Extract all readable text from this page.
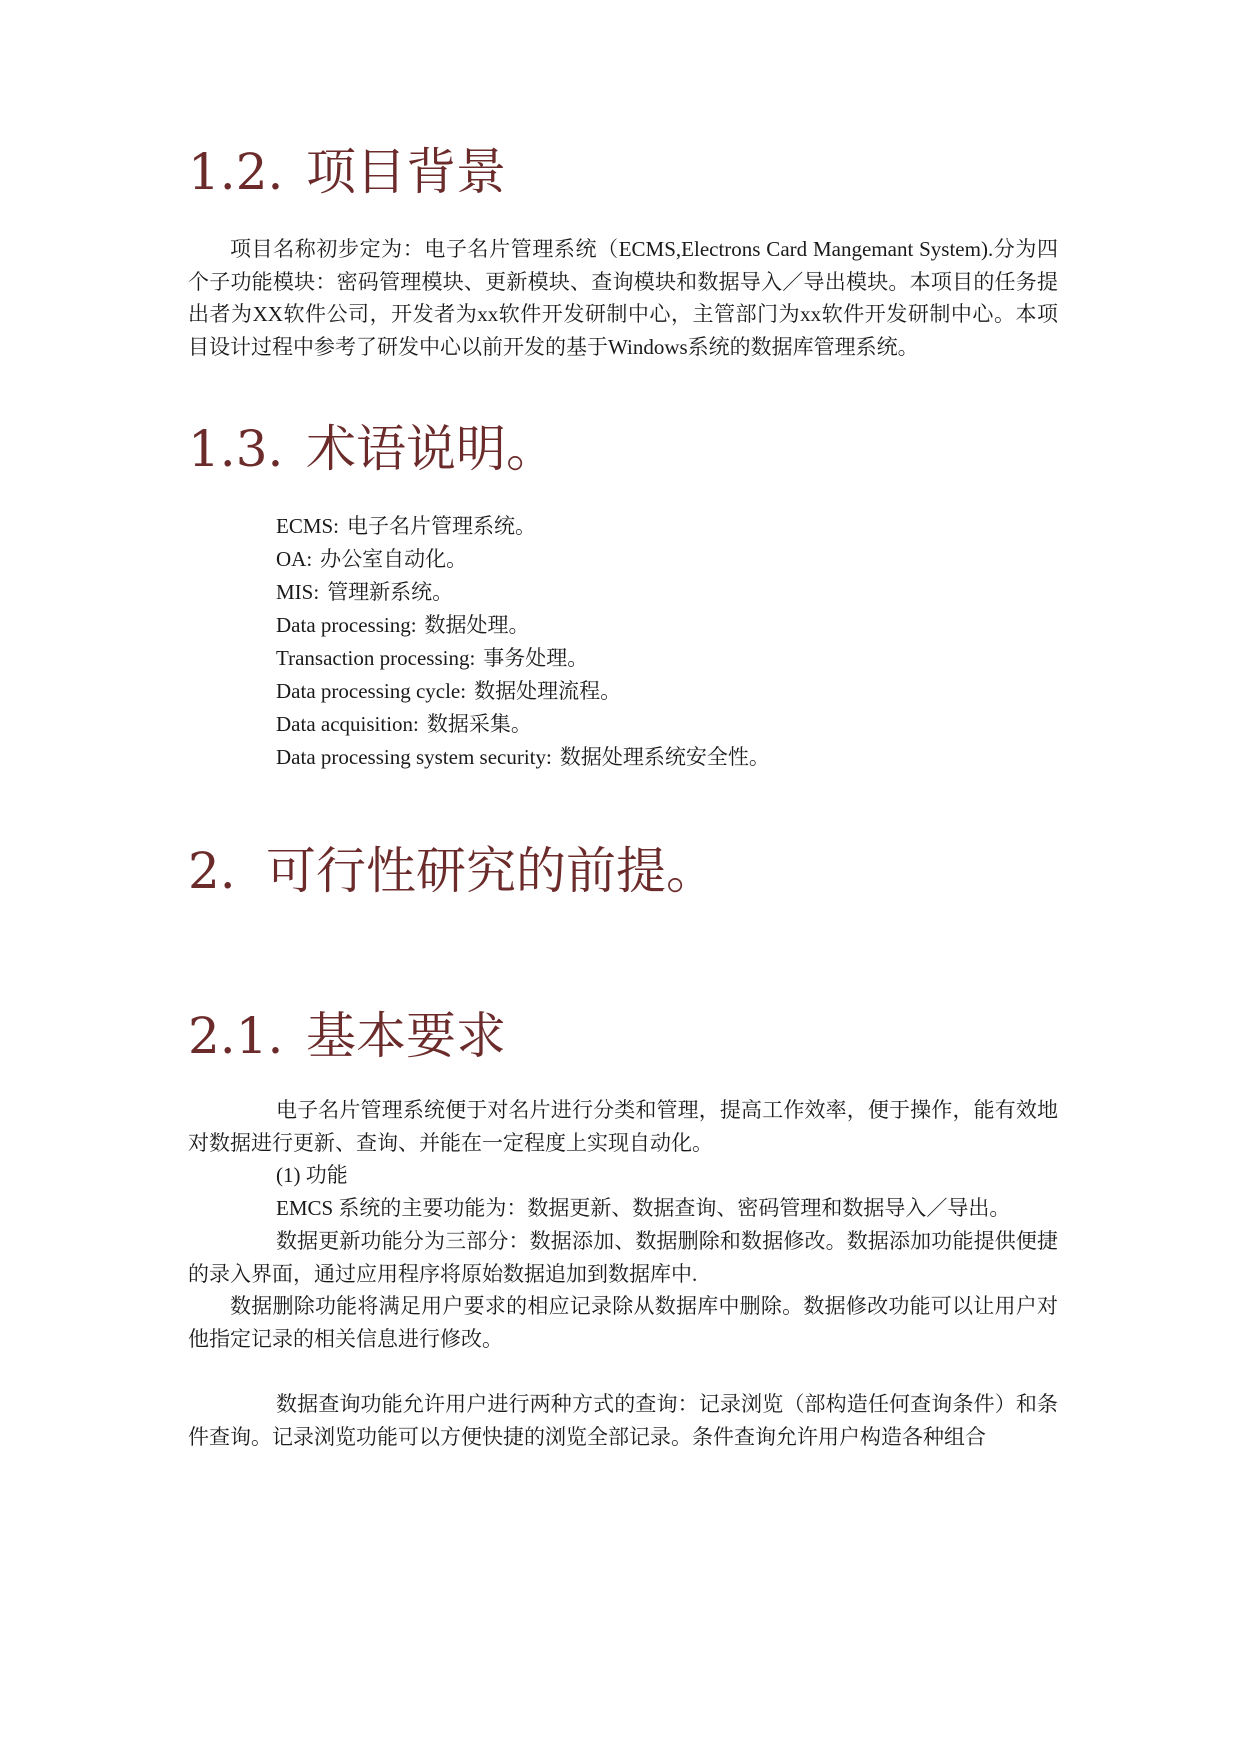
1.2. 项目背景

项目名称初步定为：电子名片管理系统（ECMS,Electrons Card Mangemant System).分为四个子功能模块：密码管理模块、更新模块、查询模块和数据导入／导出模块。本项目的任务提出者为XX软件公司，开发者为xx软件开发研制中心，主管部门为xx软件开发研制中心。本项目设计过程中参考了研发中心以前开发的基于Windows系统的数据库管理系统。

1.3. 术语说明。
ECMS: 电子名片管理系统。
OA: 办公室自动化。
MIS: 管理新系统。
Data processing: 数据处理。
Transaction processing: 事务处理。
Data processing cycle: 数据处理流程。
Data acquisition: 数据采集。
Data processing system security: 数据处理系统安全性。
2. 可行性研究的前提。
2.1. 基本要求

电子名片管理系统便于对名片进行分类和管理，提高工作效率，便于操作，能有效地对数据进行更新、查询、并能在一定程度上实现自动化。

(1) 功能

EMCS 系统的主要功能为：数据更新、数据查询、密码管理和数据导入／导出。

数据更新功能分为三部分：数据添加、数据删除和数据修改。数据添加功能提供便捷的录入界面，通过应用程序将原始数据追加到数据库中.

数据删除功能将满足用户要求的相应记录除从数据库中删除。数据修改功能可以让用户对他指定记录的相关信息进行修改。

数据查询功能允许用户进行两种方式的查询：记录浏览（部构造任何查询条件）和条件查询。记录浏览功能可以方便快捷的浏览全部记录。条件查询允许用户构造各种组合
